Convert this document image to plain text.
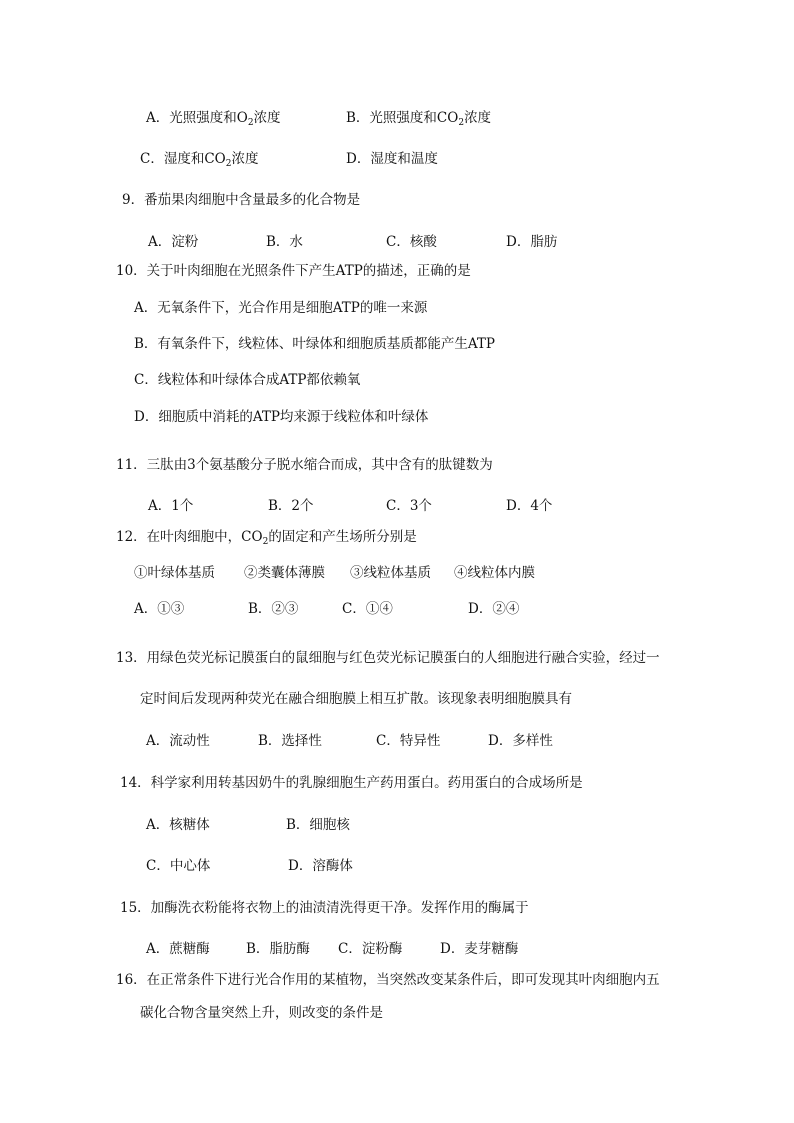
A．光照强度和$O_2$浓度	B．光照强度和$CO_2$浓度
C．湿度和$CO_2$浓度	D．湿度和温度
9．番茄果肉细胞中含量最多的化合物是
A．淀粉	B．水	C．核酸	D．脂肪
10．关于叶肉细胞在光照条件下产生ATP的描述，正确的是
A．无氧条件下，光合作用是细胞ATP的唯一来源
B．有氧条件下，线粒体、叶绿体和细胞质基质都能产生ATP
C．线粒体和叶绿体合成ATP都依赖氧
D．细胞质中消耗的ATP均来源于线粒体和叶绿体
11．三肽由3个氨基酸分子脱水缩合而成，其中含有的肽键数为
A．1个	B．2个	C．3个	D．4个
12．在叶肉细胞中，$CO_2$的固定和产生场所分别是
①叶绿体基质 ②类囊体薄膜 ③线粒体基质 ④线粒体内膜
A．①③	B．②③	C．①④	D．②④
13．用绿色荧光标记膜蛋白的鼠细胞与红色荧光标记膜蛋白的人细胞进行融合实验，经过一
定时间后发现两种荧光在融合细胞膜上相互扩散。该现象表明细胞膜具有
A．流动性	B．选择性	C．特异性	D．多样性
14．科学家利用转基因奶牛的乳腺细胞生产药用蛋白。药用蛋白的合成场所是
A．核糖体	B．细胞核
C．中心体	D．溶酶体
15．加酶洗衣粉能将衣物上的油渍清洗得更干净。发挥作用的酶属于
A．蔗糖酶	B．脂肪酶 C．淀粉酶	D．麦芽糖酶
16．在正常条件下进行光合作用的某植物，当突然改变某条件后，即可发现其叶肉细胞内五
碳化合物含量突然上升，则改变的条件是
